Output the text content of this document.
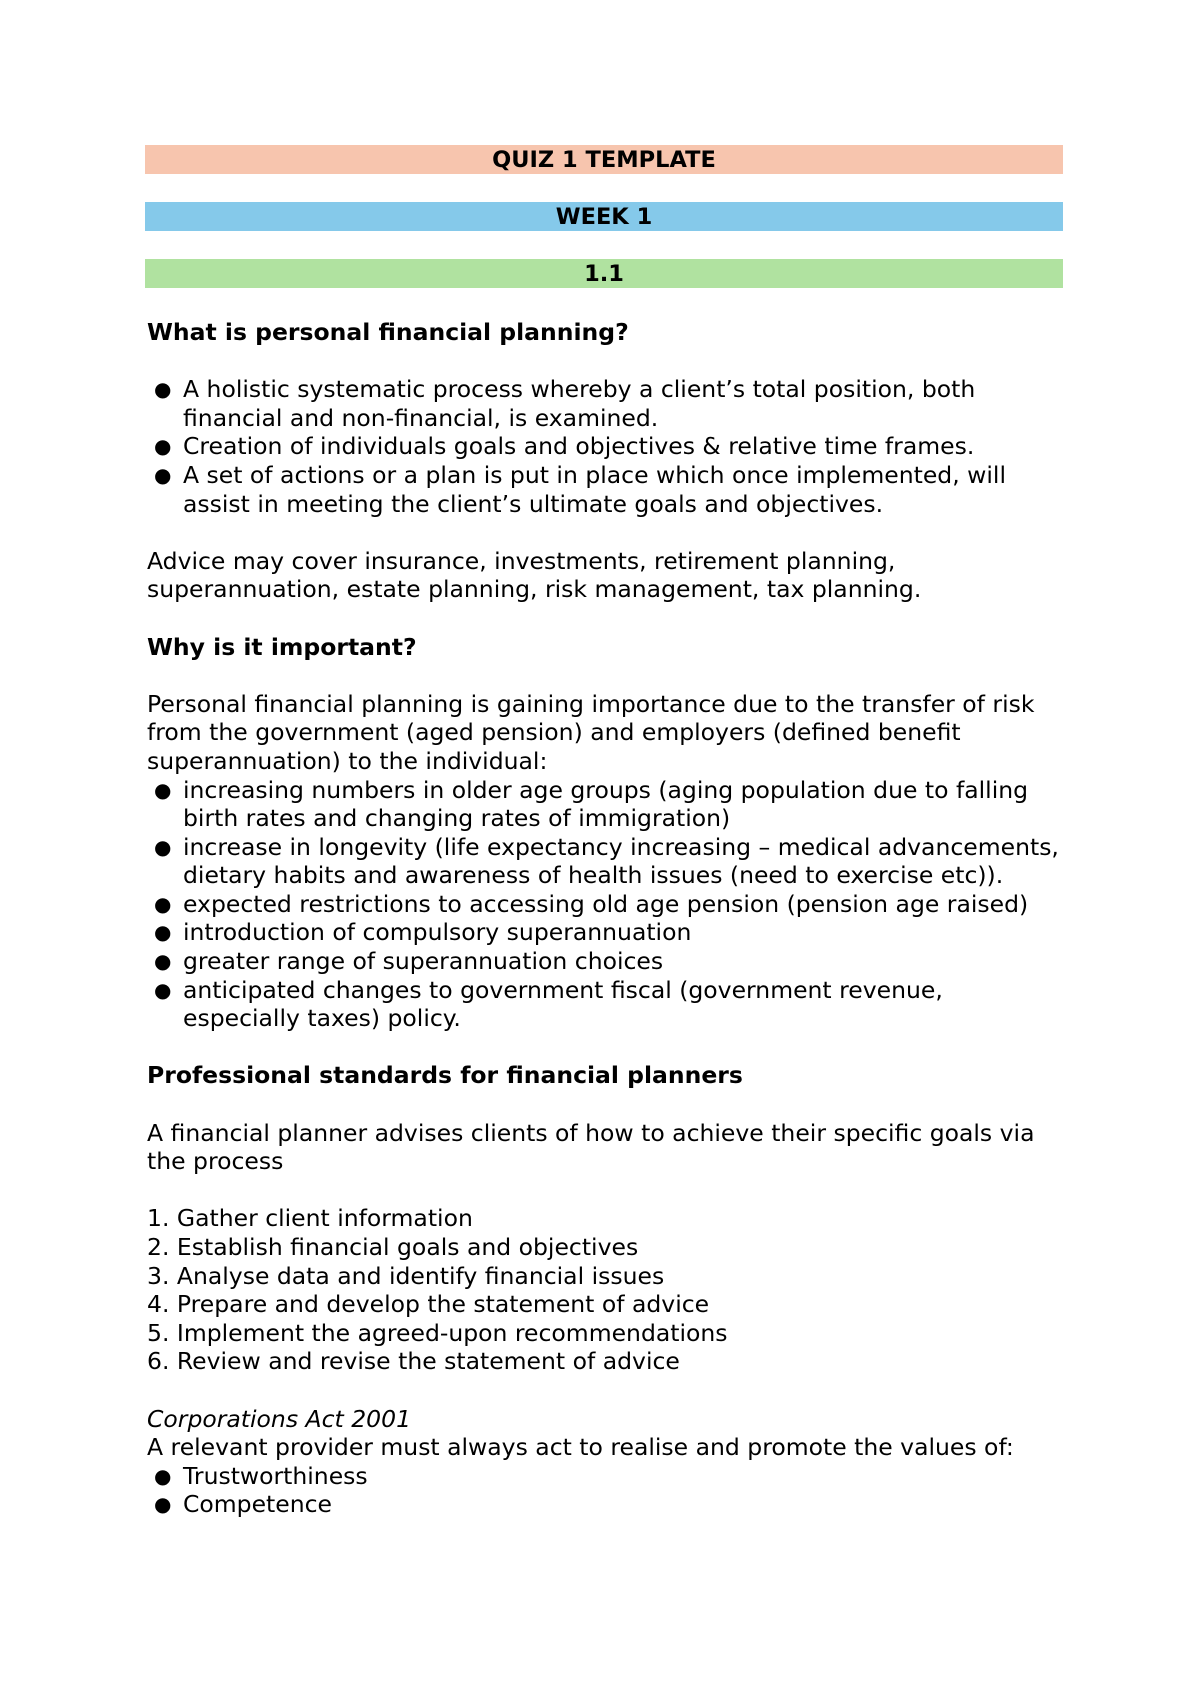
QUIZ 1 TEMPLATE
WEEK 1
1.1
What is personal financial planning?
● A holistic systematic process whereby a client’s total position, both financial and non-financial, is examined.
● Creation of individuals goals and objectives & relative time frames.
● A set of actions or a plan is put in place which once implemented, will assist in meeting the client’s ultimate goals and objectives.
Advice may cover insurance, investments, retirement planning, superannuation, estate planning, risk management, tax planning.
Why is it important?
Personal financial planning is gaining importance due to the transfer of risk from the government (aged pension) and employers (defined benefit superannuation) to the individual:
● increasing numbers in older age groups (aging population due to falling birth rates and changing rates of immigration)
● increase in longevity (life expectancy increasing – medical advancements, dietary habits and awareness of health issues (need to exercise etc)).
● expected restrictions to accessing old age pension (pension age raised)
● introduction of compulsory superannuation
● greater range of superannuation choices
● anticipated changes to government fiscal (government revenue, especially taxes) policy.
Professional standards for financial planners
A financial planner advises clients of how to achieve their specific goals via the process
1. Gather client information
2. Establish financial goals and objectives
3. Analyse data and identify financial issues
4. Prepare and develop the statement of advice
5. Implement the agreed-upon recommendations
6. Review and revise the statement of advice
Corporations Act 2001
A relevant provider must always act to realise and promote the values of:
● Trustworthiness
● Competence
